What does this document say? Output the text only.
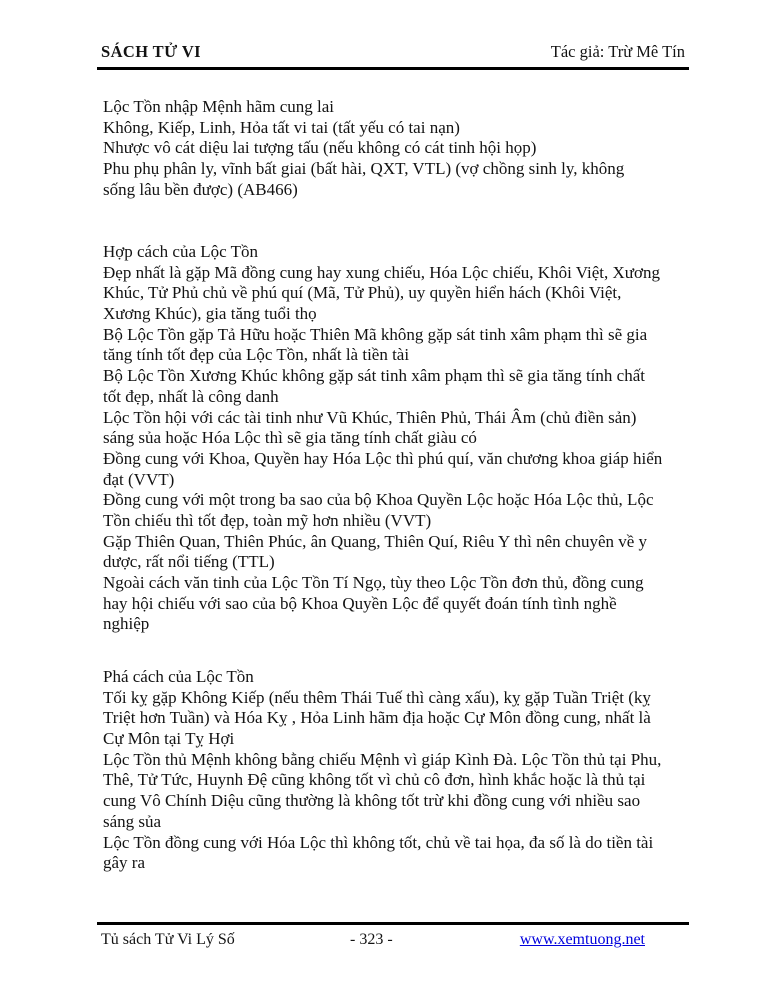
SÁCH TỬ VI	Tác giả: Trừ Mê Tín
Lộc Tồn nhập Mệnh hãm cung lai
Không, Kiếp, Linh, Hỏa tất vi tai (tất yếu có tai nạn)
Nhược vô cát diệu lai tượng tấu (nếu không có cát tinh hội họp)
Phu phụ phân ly, vĩnh bất giai (bất hài, QXT, VTL) (vợ chồng sinh ly, không
sống lâu bền được) (AB466)
Hợp cách của Lộc Tồn
Đẹp nhất là gặp Mã đồng cung hay xung chiếu, Hóa Lộc chiếu, Khôi Việt, Xương
Khúc, Tử Phủ chủ về phú quí (Mã, Tử Phủ), uy quyền hiển hách (Khôi Việt,
Xương Khúc), gia tăng tuổi thọ
Bộ Lộc Tồn gặp Tả Hữu hoặc Thiên Mã không gặp sát tinh xâm phạm thì sẽ gia
tăng tính tốt đẹp của Lộc Tồn, nhất là tiền tài
Bộ Lộc Tồn Xương Khúc không gặp sát tinh xâm phạm thì sẽ gia tăng tính chất
tốt đẹp, nhất là công danh
Lộc Tồn hội với các tài tinh như Vũ Khúc, Thiên Phủ, Thái Âm (chủ điền sản)
sáng sủa hoặc Hóa Lộc thì sẽ gia tăng tính chất giàu có
Đồng cung với Khoa, Quyền hay Hóa Lộc thì phú quí, văn chương khoa giáp hiển
đạt (VVT)
Đồng cung với một trong ba sao của bộ Khoa Quyền Lộc hoặc Hóa Lộc thủ, Lộc
Tồn chiếu thì tốt đẹp, toàn mỹ hơn nhiều (VVT)
Gặp Thiên Quan, Thiên Phúc, ân Quang, Thiên Quí, Riêu Y thì nên chuyên về y
dược, rất nổi tiếng (TTL)
Ngoài cách văn tinh của Lộc Tồn Tí Ngọ, tùy theo Lộc Tồn đơn thủ, đồng cung
hay hội chiếu với sao của bộ Khoa Quyền Lộc để quyết đoán tính tình nghề
nghiệp
Phá cách của Lộc Tồn
Tối kỵ gặp Không Kiếp (nếu thêm Thái Tuế thì càng xấu), kỵ gặp Tuần Triệt (kỵ
Triệt hơn Tuần) và Hóa Kỵ , Hỏa Linh hãm địa hoặc Cự Môn đồng cung, nhất là
Cự Môn tại Tỵ Hợi
Lộc Tồn thủ Mệnh không bằng chiếu Mệnh vì giáp Kình Đà. Lộc Tồn thủ tại Phu,
Thê, Tử Tức, Huynh Đệ cũng không tốt vì chủ cô đơn, hình khắc hoặc là thủ tại
cung Vô Chính Diệu cũng thường là không tốt trừ khi đồng cung với nhiều sao
sáng sủa
Lộc Tồn đồng cung với Hóa Lộc thì không tốt, chủ về tai họa, đa số là do tiền tài
gây ra
Tủ sách Tử Vi Lý Số	- 323 -	www.xemtuong.net
